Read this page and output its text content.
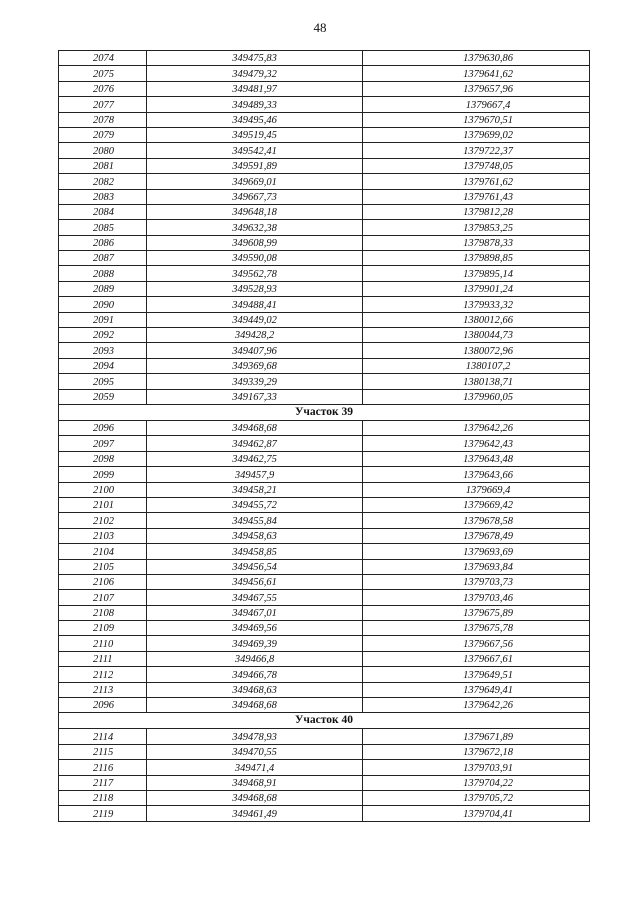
48
2074	349475,83	1379630,86
2075	349479,32	1379641,62
2076	349481,97	1379657,96
2077	349489,33	1379667,4
2078	349495,46	1379670,51
2079	349519,45	1379699,02
2080	349542,41	1379722,37
2081	349591,89	1379748,05
2082	349669,01	1379761,62
2083	349667,73	1379761,43
2084	349648,18	1379812,28
2085	349632,38	1379853,25
2086	349608,99	1379878,33
2087	349590,08	1379898,85
2088	349562,78	1379895,14
2089	349528,93	1379901,24
2090	349488,41	1379933,32
2091	349449,02	1380012,66
2092	349428,2	1380044,73
2093	349407,96	1380072,96
2094	349369,68	1380107,2
2095	349339,29	1380138,71
2059	349167,33	1379960,05
Участок 39		
2096	349468,68	1379642,26
2097	349462,87	1379642,43
2098	349462,75	1379643,48
2099	349457,9	1379643,66
2100	349458,21	1379669,4
2101	349455,72	1379669,42
2102	349455,84	1379678,58
2103	349458,63	1379678,49
2104	349458,85	1379693,69
2105	349456,54	1379693,84
2106	349456,61	1379703,73
2107	349467,55	1379703,46
2108	349467,01	1379675,89
2109	349469,56	1379675,78
2110	349469,39	1379667,56
2111	349466,8	1379667,61
2112	349466,78	1379649,51
2113	349468,63	1379649,41
2096	349468,68	1379642,26
Участок 40		
2114	349478,93	1379671,89
2115	349470,55	1379672,18
2116	349471,4	1379703,91
2117	349468,91	1379704,22
2118	349468,68	1379705,72
2119	349461,49	1379704,41
